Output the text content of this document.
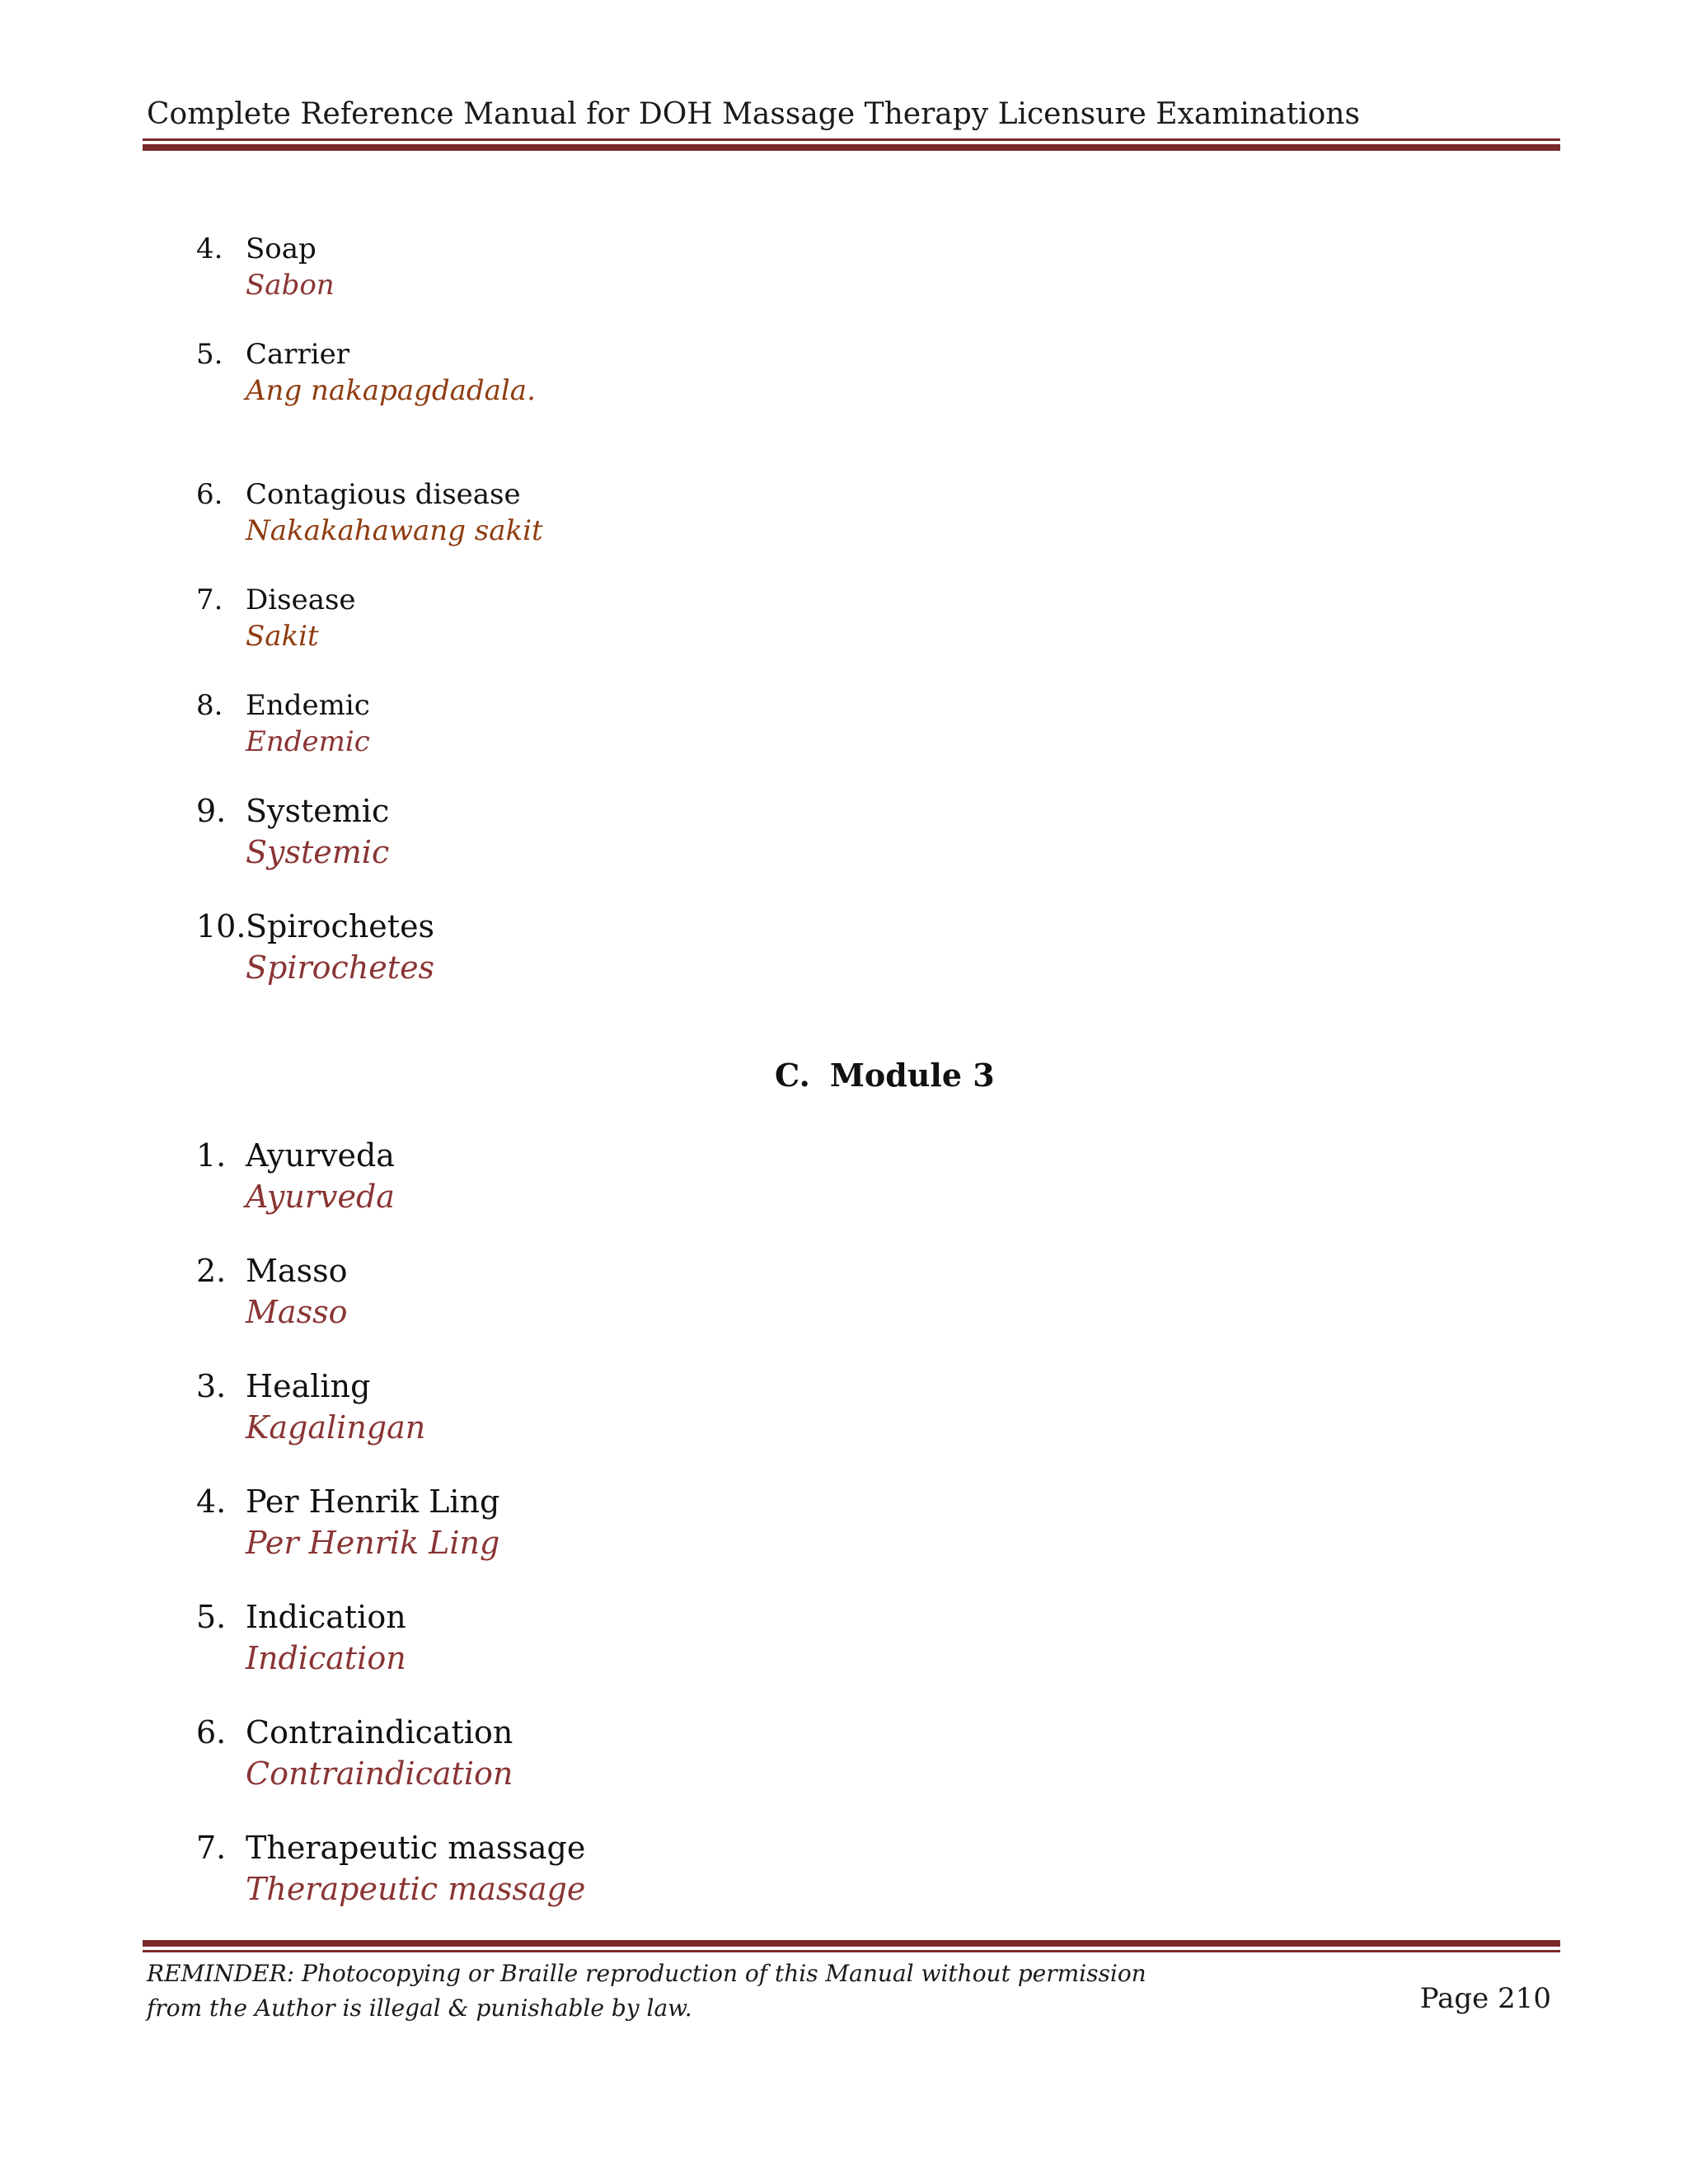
Complete Reference Manual for DOH Massage Therapy Licensure Examinations
4. Soap
Sabon
5. Carrier
Ang nakapagdadala.
6. Contagious disease
Nakakahawang sakit
7. Disease
Sakit
8. Endemic
Endemic
9. Systemic
Systemic
10. Spirochetes
Spirochetes
C. Module 3
1. Ayurveda
Ayurveda
2. Masso
Masso
3. Healing
Kagalingan
4. Per Henrik Ling
Per Henrik Ling
5. Indication
Indication
6. Contraindication
Contraindication
7. Therapeutic massage
Therapeutic massage
REMINDER: Photocopying or Braille reproduction of this Manual without permission
from the Author is illegal & punishable by law.	Page 210
